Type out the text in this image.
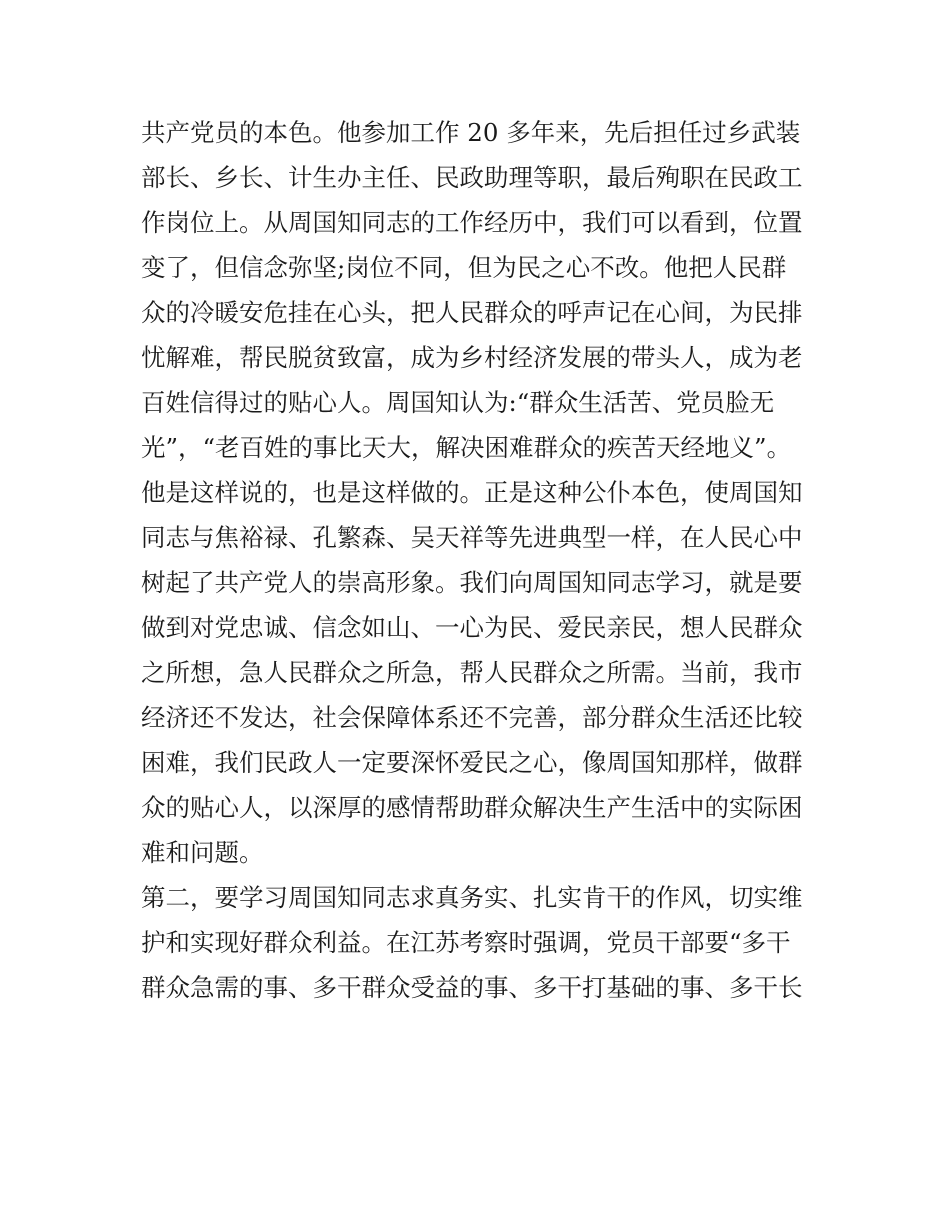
共产党员的本色。他参加工作 20 多年来，先后担任过乡武装
部长、乡长、计生办主任、民政助理等职，最后殉职在民政工
作岗位上。从周国知同志的工作经历中，我们可以看到，位置
变了，但信念弥坚;岗位不同，但为民之心不改。他把人民群
众的冷暖安危挂在心头，把人民群众的呼声记在心间，为民排
忧解难，帮民脱贫致富，成为乡村经济发展的带头人，成为老
百姓信得过的贴心人。周国知认为:“群众生活苦、党员脸无
光”，“老百姓的事比天大，解决困难群众的疾苦天经地义”。
他是这样说的，也是这样做的。正是这种公仆本色，使周国知
同志与焦裕禄、孔繁森、吴天祥等先进典型一样，在人民心中
树起了共产党人的崇高形象。我们向周国知同志学习，就是要
做到对党忠诚、信念如山、一心为民、爱民亲民，想人民群众
之所想，急人民群众之所急，帮人民群众之所需。当前，我市
经济还不发达，社会保障体系还不完善，部分群众生活还比较
困难，我们民政人一定要深怀爱民之心，像周国知那样，做群
众的贴心人，以深厚的感情帮助群众解决生产生活中的实际困
难和问题。
第二，要学习周国知同志求真务实、扎实肯干的作风，切实维
护和实现好群众利益。在江苏考察时强调，党员干部要“多干
群众急需的事、多干群众受益的事、多干打基础的事、多干长
